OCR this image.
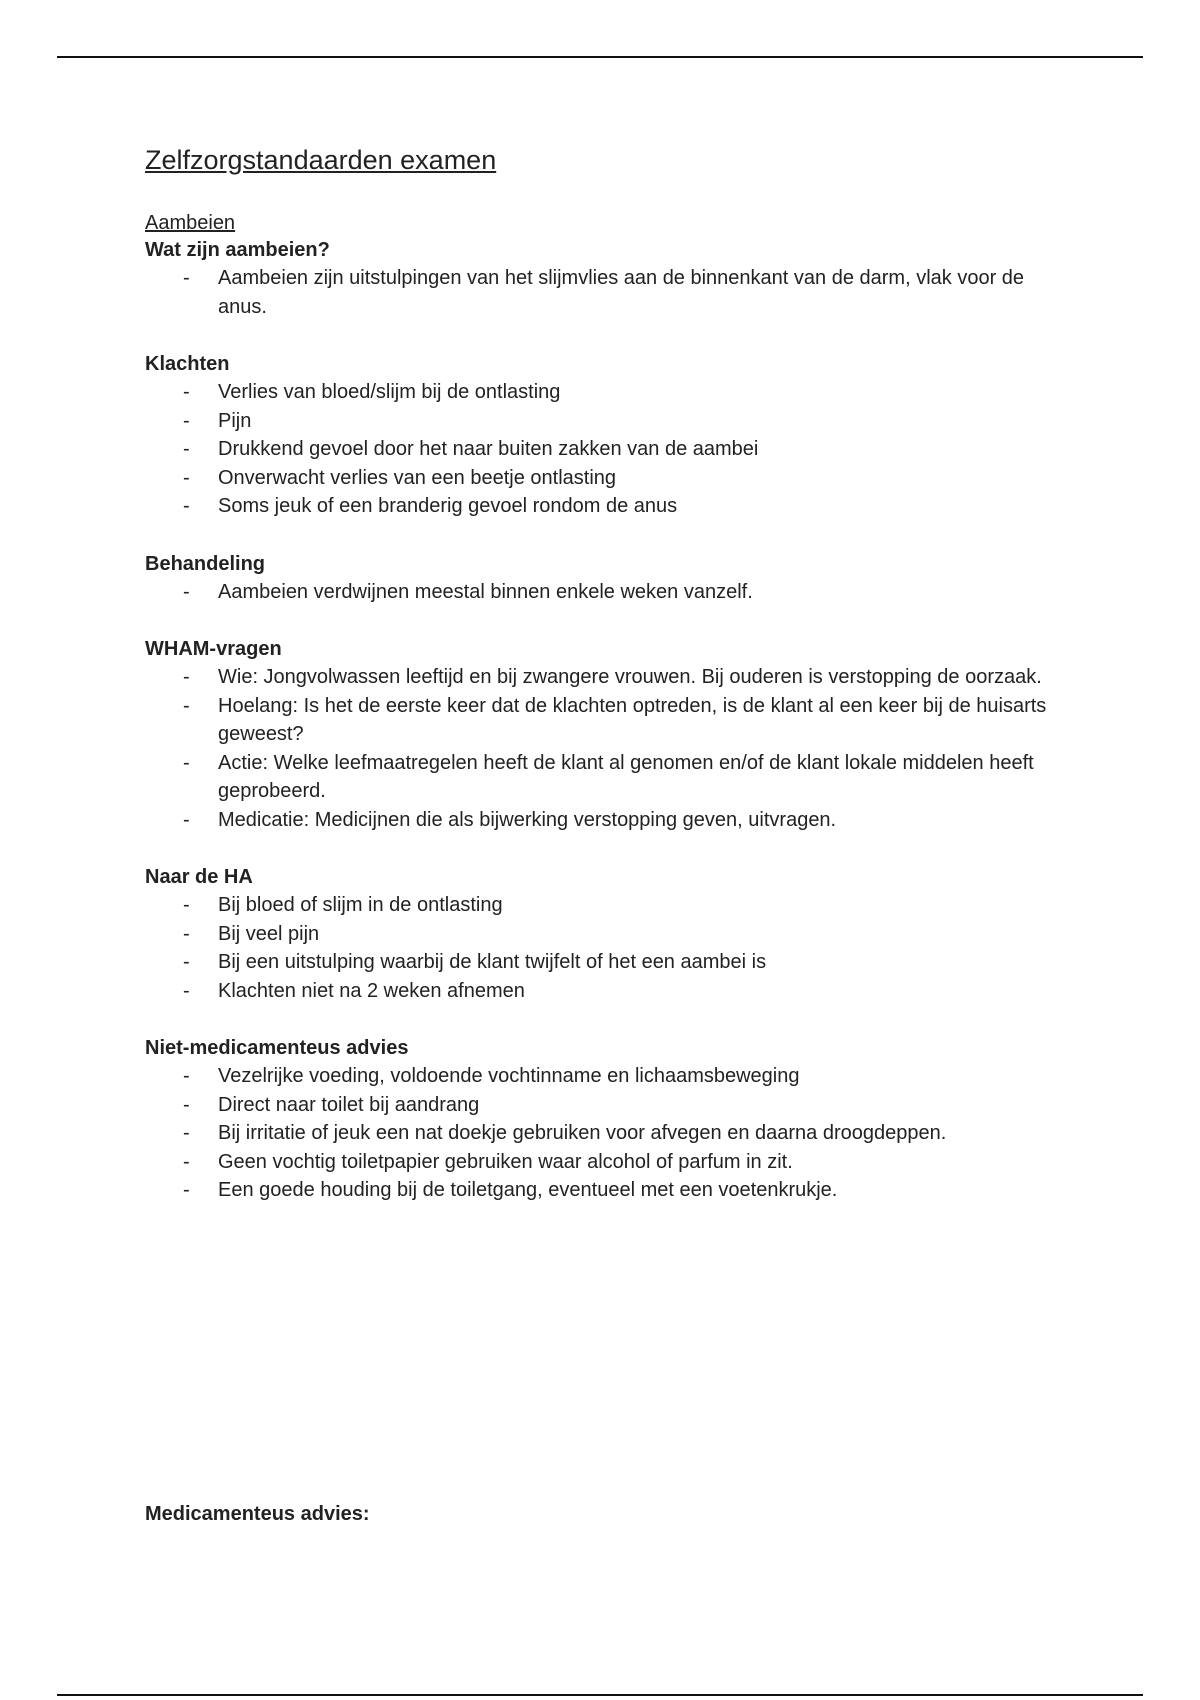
Zelfzorgstandaarden examen
Aambeien
Wat zijn aambeien?
- Aambeien zijn uitstulpingen van het slijmvlies aan de binnenkant van de darm, vlak voor de anus.
Klachten
- Verlies van bloed/slijm bij de ontlasting
- Pijn
- Drukkend gevoel door het naar buiten zakken van de aambei
- Onverwacht verlies van een beetje ontlasting
- Soms jeuk of een branderig gevoel rondom de anus
Behandeling
- Aambeien verdwijnen meestal binnen enkele weken vanzelf.
WHAM-vragen
- Wie: Jongvolwassen leeftijd en bij zwangere vrouwen. Bij ouderen is verstopping de oorzaak.
- Hoelang: Is het de eerste keer dat de klachten optreden, is de klant al een keer bij de huisarts geweest?
- Actie: Welke leefmaatregelen heeft de klant al genomen en/of de klant lokale middelen heeft geprobeerd.
- Medicatie: Medicijnen die als bijwerking verstopping geven, uitvragen.
Naar de HA
- Bij bloed of slijm in de ontlasting
- Bij veel pijn
- Bij een uitstulping waarbij de klant twijfelt of het een aambei is
- Klachten niet na 2 weken afnemen
Niet-medicamenteus advies
- Vezelrijke voeding, voldoende vochtinname en lichaamsbeweging
- Direct naar toilet bij aandrang
- Bij irritatie of jeuk een nat doekje gebruiken voor afvegen en daarna droogdeppen.
- Geen vochtig toiletpapier gebruiken waar alcohol of parfum in zit.
- Een goede houding bij de toiletgang, eventueel met een voetenkrukje.
Medicamenteus advies:
